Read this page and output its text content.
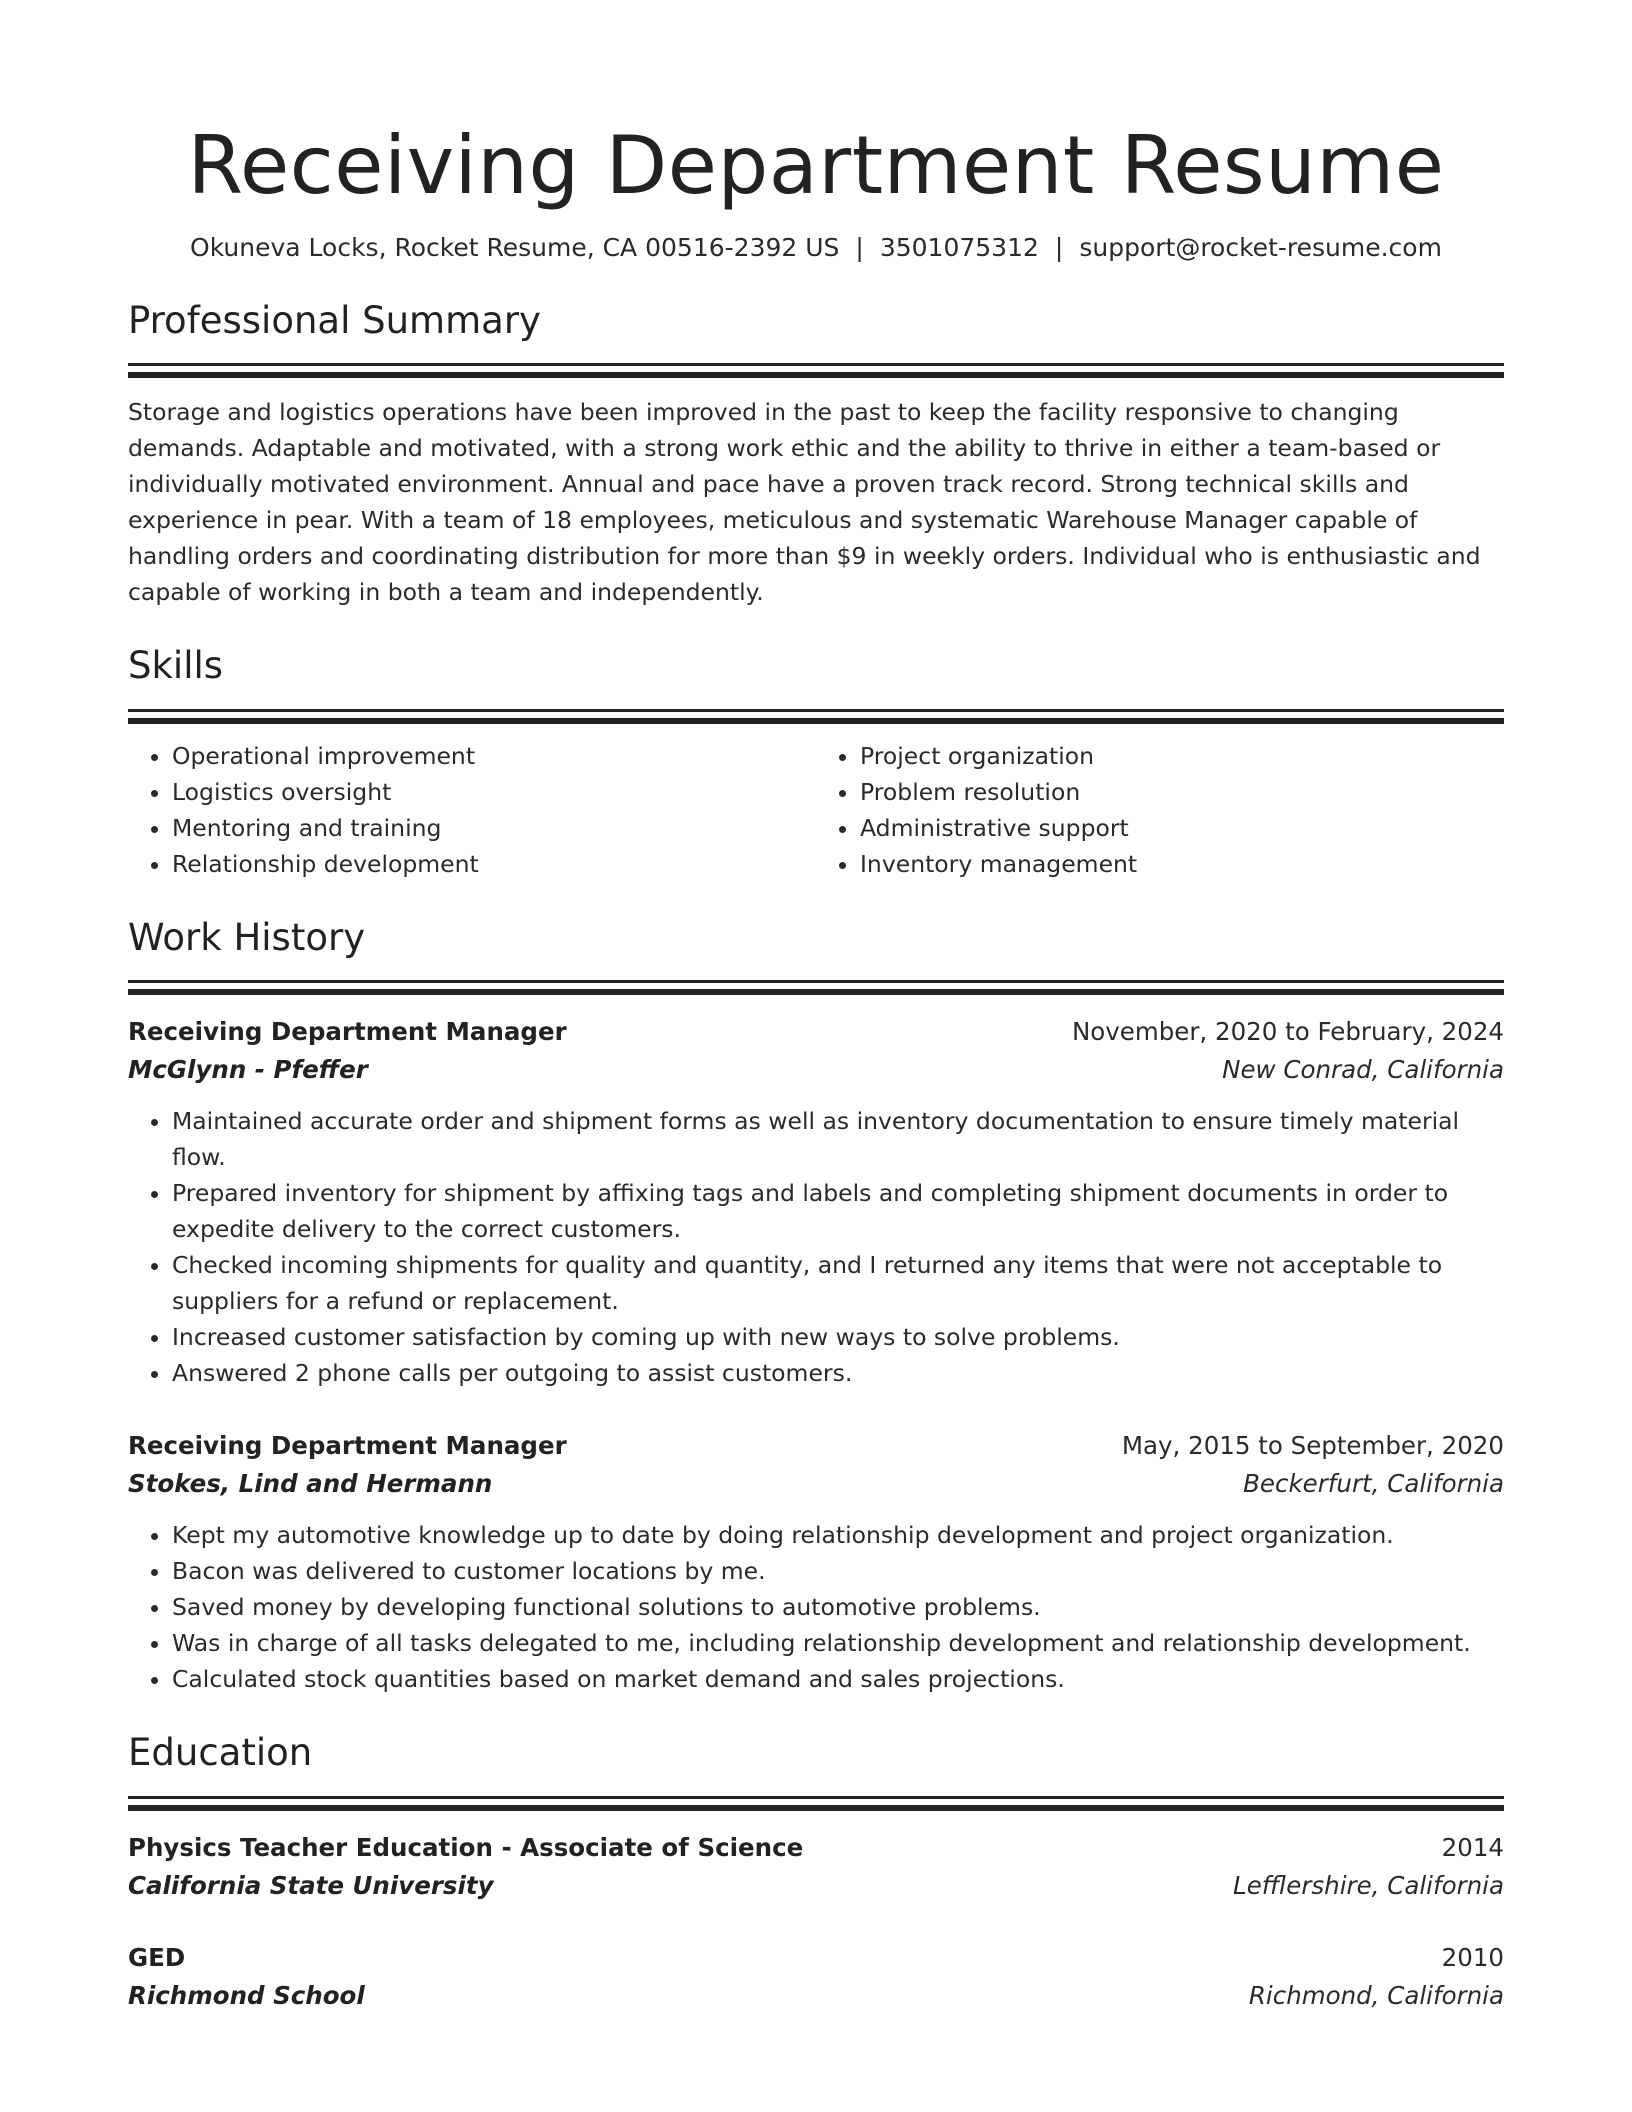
Receiving Department Resume
Okuneva Locks, Rocket Resume, CA 00516-2392 US | 3501075312 | support@rocket-resume.com
Professional Summary

Storage and logistics operations have been improved in the past to keep the facility responsive to changing demands. Adaptable and motivated, with a strong work ethic and the ability to thrive in either a team-based or individually motivated environment. Annual and pace have a proven track record. Strong technical skills and experience in pear. With a team of 18 employees, meticulous and systematic Warehouse Manager capable of handling orders and coordinating distribution for more than $9 in weekly orders. Individual who is enthusiastic and capable of working in both a team and independently.

Skills
• Operational improvement
• Logistics oversight
• Mentoring and training
• Relationship development
• Project organization
• Problem resolution
• Administrative support
• Inventory management
Work History
Receiving Department Manager	November, 2020 to February, 2024
McGlynn - Pfeffer	New Conrad, California
• Maintained accurate order and shipment forms as well as inventory documentation to ensure timely material flow.
• Prepared inventory for shipment by affixing tags and labels and completing shipment documents in order to expedite delivery to the correct customers.
• Checked incoming shipments for quality and quantity, and I returned any items that were not acceptable to suppliers for a refund or replacement.
• Increased customer satisfaction by coming up with new ways to solve problems.
• Answered 2 phone calls per outgoing to assist customers.
Receiving Department Manager	May, 2015 to September, 2020
Stokes, Lind and Hermann	Beckerfurt, California
• Kept my automotive knowledge up to date by doing relationship development and project organization.
• Bacon was delivered to customer locations by me.
• Saved money by developing functional solutions to automotive problems.
• Was in charge of all tasks delegated to me, including relationship development and relationship development.
• Calculated stock quantities based on market demand and sales projections.
Education
Physics Teacher Education - Associate of Science	2014
California State University	Lefflershire, California
GED	2010
Richmond School	Richmond, California
